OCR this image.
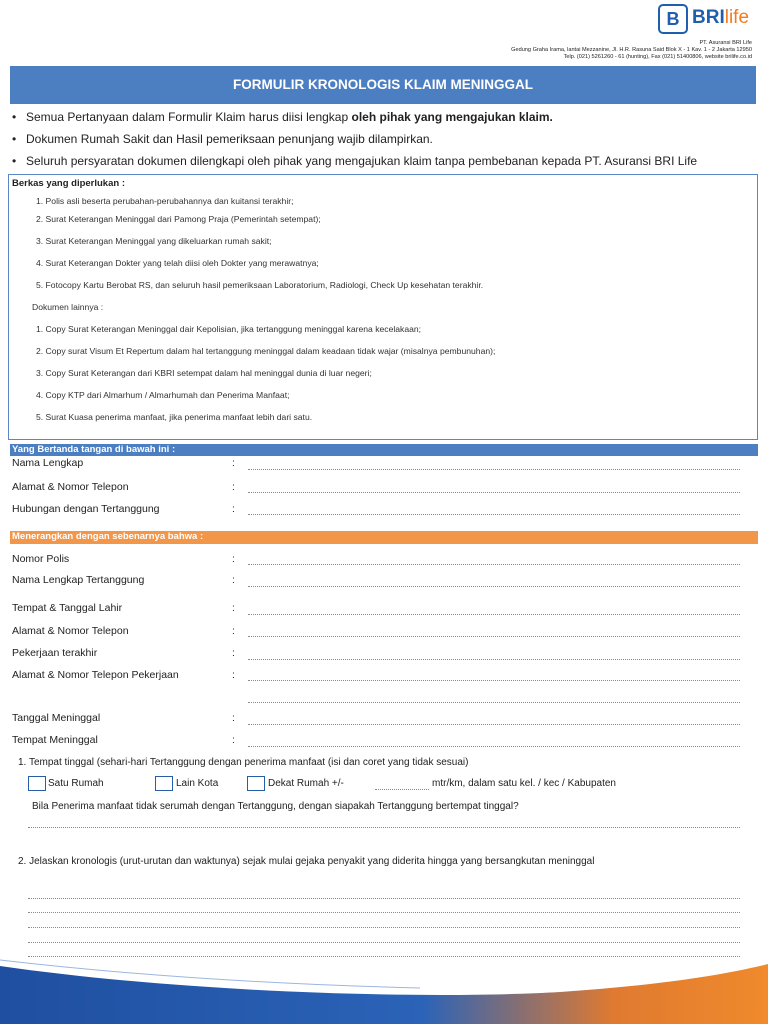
B BRIlife
PT. Asuransi BRI Life
Gedung Graha Irama, lantai Mezzanine, Jl. H.R. Rasuna Said Blok X - 1 Kav. 1 - 2 Jakarta 12950
Telp. (021) 5261260 - 61 (hunting), Fax (021) 51400806, website brilife.co.id
FORMULIR KRONOLOGIS KLAIM MENINGGAL
• Semua Pertanyaan dalam Formulir Klaim harus diisi lengkap oleh pihak yang mengajukan klaim.
• Dokumen Rumah Sakit dan Hasil pemeriksaan penunjang wajib dilampirkan.
• Seluruh persyaratan dokumen dilengkapi oleh pihak yang mengajukan klaim tanpa pembebanan kepada PT. Asuransi BRI Life
Berkas yang diperlukan :
1. Polis asli beserta perubahan-perubahannya dan kuitansi terakhir;
2. Surat Keterangan Meninggal dari Pamong Praja (Pemerintah setempat);
3. Surat Keterangan Meninggal yang dikeluarkan rumah sakit;
4. Surat Keterangan Dokter yang telah diisi oleh Dokter yang merawatnya;
5. Fotocopy Kartu Berobat RS, dan seluruh hasil pemeriksaan Laboratorium, Radiologi, Check Up kesehatan terakhir.
Dokumen lainnya :
1. Copy Surat Keterangan Meninggal dair Kepolisian, jika tertanggung meninggal karena kecelakaan;
2. Copy surat Visum Et Repertum dalam hal tertanggung meninggal dalam keadaan tidak wajar (misalnya pembunuhan);
3. Copy Surat Keterangan dari KBRI setempat dalam hal meninggal dunia di luar negeri;
4. Copy KTP dari Almarhum / Almarhumah dan Penerima Manfaat;
5. Surat Kuasa penerima manfaat, jika penerima manfaat lebih dari satu.
Yang Bertanda tangan di bawah ini :
Nama Lengkap	:
Alamat & Nomor Telepon	:
Hubungan dengan Tertanggung	:
Menerangkan dengan sebenarnya bahwa :
Nomor Polis	:
Nama Lengkap Tertanggung	:
Tempat & Tanggal Lahir	:
Alamat & Nomor Telepon	:
Pekerjaan terakhir	:
Alamat & Nomor Telepon Pekerjaan	:
Tanggal Meninggal	:
Tempat Meninggal	:
1. Tempat tinggal (sehari-hari Tertanggung dengan penerima manfaat (isi dan coret yang tidak sesuai)
Satu Rumah	Lain Kota	Dekat Rumah +/-	mtr/km, dalam satu kel. / kec / Kabupaten
Bila Penerima manfaat tidak serumah dengan Tertanggung, dengan siapakah Tertanggung bertempat tinggal?
2. Jelaskan kronologis (urut-urutan dan waktunya) sejak mulai gejaka penyakit yang diderita hingga yang bersangkutan meninggal
